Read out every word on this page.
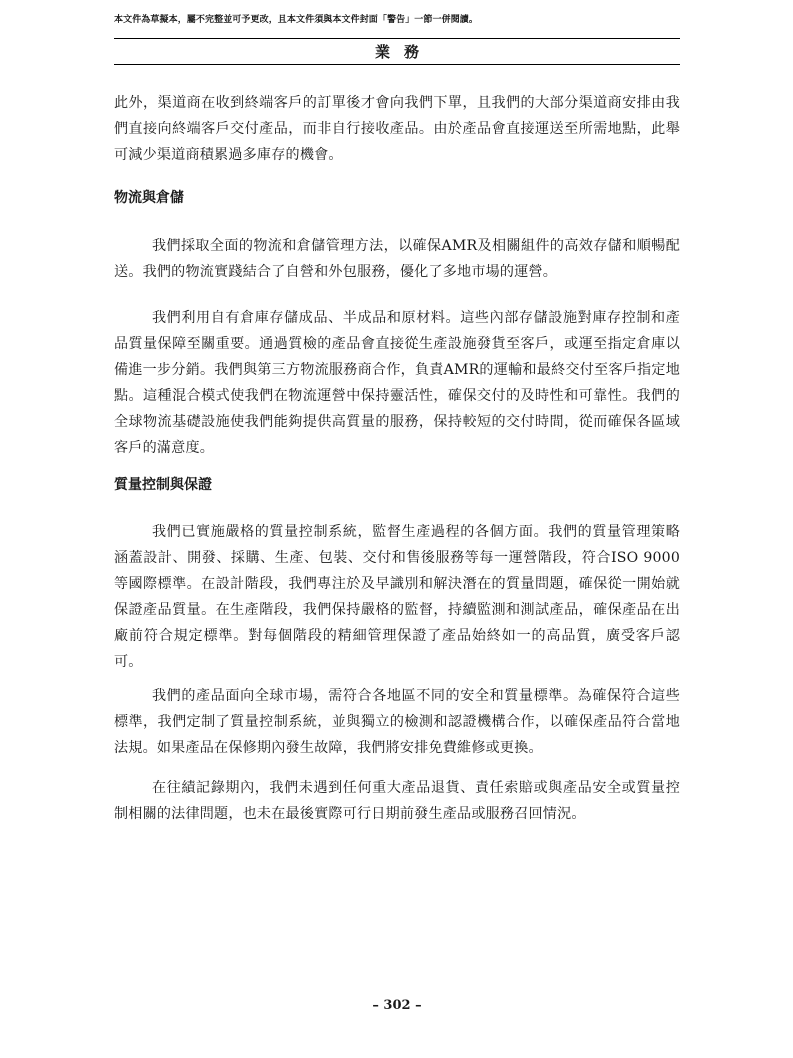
本文件為草擬本，屬不完整並可予更改，且本文件須與本文件封面「警告」一節一併閱讀。
業務

此外，渠道商在收到終端客戶的訂單後才會向我們下單，且我們的大部分渠道商安排由我們直接向終端客戶交付產品，而非自行接收產品。由於產品會直接運送至所需地點，此舉可減少渠道商積累過多庫存的機會。

物流與倉儲

我們採取全面的物流和倉儲管理方法，以確保AMR及相關組件的高效存儲和順暢配送。我們的物流實踐結合了自營和外包服務，優化了多地市場的運營。

我們利用自有倉庫存儲成品、半成品和原材料。這些內部存儲設施對庫存控制和產品質量保障至關重要。通過質檢的產品會直接從生產設施發貨至客戶，或運至指定倉庫以備進一步分銷。我們與第三方物流服務商合作，負責AMR的運輸和最終交付至客戶指定地點。這種混合模式使我們在物流運營中保持靈活性，確保交付的及時性和可靠性。我們的全球物流基礎設施使我們能夠提供高質量的服務，保持較短的交付時間，從而確保各區域客戶的滿意度。

質量控制與保證

我們已實施嚴格的質量控制系統，監督生產過程的各個方面。我們的質量管理策略涵蓋設計、開發、採購、生產、包裝、交付和售後服務等每一運營階段，符合ISO 9000等國際標準。在設計階段，我們專注於及早識別和解決潛在的質量問題，確保從一開始就保證產品質量。在生產階段，我們保持嚴格的監督，持續監測和測試產品，確保產品在出廠前符合規定標準。對每個階段的精細管理保證了產品始終如一的高品質，廣受客戶認可。

我們的產品面向全球市場，需符合各地區不同的安全和質量標準。為確保符合這些標準，我們定制了質量控制系統，並與獨立的檢測和認證機構合作，以確保產品符合當地法規。如果產品在保修期內發生故障，我們將安排免費維修或更換。

在往績記錄期內，我們未遇到任何重大產品退貨、責任索賠或與產品安全或質量控制相關的法律問題，也未在最後實際可行日期前發生產品或服務召回情況。

– 302 –
